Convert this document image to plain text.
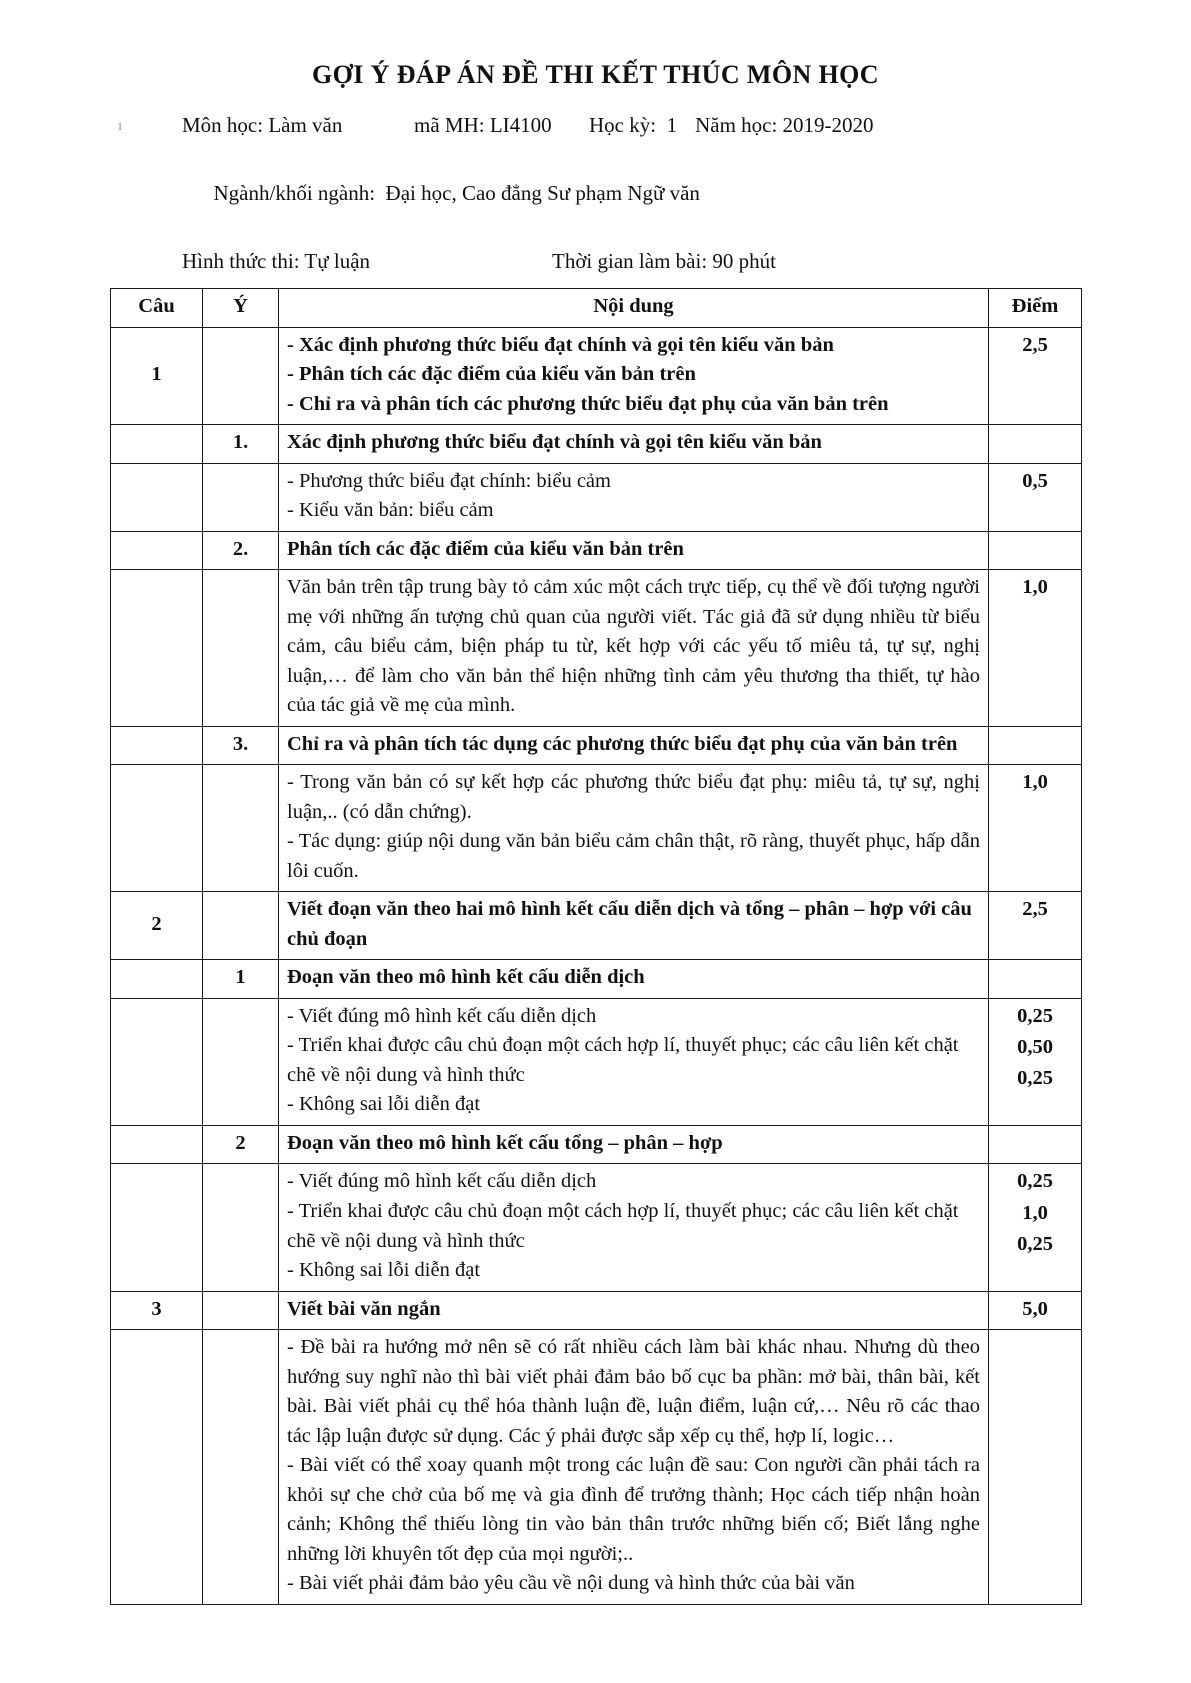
ı
GỢI Ý ĐÁP ÁN ĐỀ THI KẾT THÚC MÔN HỌC
Môn học: Làm văn	mã MH: LI4100	Học kỳ:  1 Năm học: 2019-2020

Ngành/khối ngành:  Đại học, Cao đẳng Sư phạm Ngữ văn

Hình thức thi: Tự luận	Thời gian làm bài: 90 phút
Câu	Ý	Nội dung	Điểm
1		- Xác định phương thức biểu đạt chính và gọi tên kiểu văn bản
- Phân tích các đặc điểm của kiểu văn bản trên
- Chỉ ra và phân tích các phương thức biểu đạt phụ của văn bản trên	2,5
	1.	Xác định phương thức biểu đạt chính và gọi tên kiểu văn bản	

		- Phương thức biểu đạt chính: biểu cảm
- Kiểu văn bản: biểu cảm	0,5
	2.	Phân tích các đặc điểm của kiểu văn bản trên	

		Văn bản trên tập trung bày tỏ cảm xúc một cách trực tiếp, cụ thể về đối tượng người mẹ với những ấn tượng chủ quan của người viết. Tác giả đã sử dụng nhiều từ biểu cảm, câu biểu cảm, biện pháp tu từ, kết hợp với các yếu tố miêu tả, tự sự, nghị luận,… để làm cho văn bản thể hiện những tình cảm yêu thương tha thiết, tự hào của tác giả về mẹ của mình.	1,0
	3.	Chỉ ra và phân tích tác dụng các phương thức biểu đạt phụ của văn bản trên	

		- Trong văn bản có sự kết hợp các phương thức biểu đạt phụ: miêu tả, tự sự, nghị luận,.. (có dẫn chứng).
- Tác dụng: giúp nội dung văn bản biểu cảm chân thật, rõ ràng, thuyết phục, hấp dẫn lôi cuốn.	1,0
2		Viết đoạn văn theo hai mô hình kết cấu diễn dịch và tổng – phân – hợp với câu chủ đoạn	2,5
	1	Đoạn văn theo mô hình kết cấu diễn dịch	

		- Viết đúng mô hình kết cấu diễn dịch
- Triển khai được câu chủ đoạn một cách hợp lí, thuyết phục; các câu liên kết chặt chẽ về nội dung và hình thức
- Không sai lỗi diễn đạt	0,25
0,50
0,25

	2	Đoạn văn theo mô hình kết cấu tổng – phân – hợp	

		- Viết đúng mô hình kết cấu diễn dịch
- Triển khai được câu chủ đoạn một cách hợp lí, thuyết phục; các câu liên kết chặt chẽ về nội dung và hình thức
- Không sai lỗi diễn đạt	0,25
1,0
0,25

3		Viết bài văn ngắn	5,0

		- Đề bài ra hướng mở nên sẽ có rất nhiều cách làm bài khác nhau. Nhưng dù theo hướng suy nghĩ nào thì bài viết phải đảm bảo bố cục ba phần: mở bài, thân bài, kết bài. Bài viết phải cụ thể hóa thành luận đề, luận điểm, luận cứ,… Nêu rõ các thao tác lập luận được sử dụng. Các ý phải được sắp xếp cụ thể, hợp lí, logic…
- Bài viết có thể xoay quanh một trong các luận đề sau: Con người cần phải tách ra khỏi sự che chở của bố mẹ và gia đình để trưởng thành; Học cách tiếp nhận hoàn cảnh; Không thể thiếu lòng tin vào bản thân trước những biến cố; Biết lắng nghe những lời khuyên tốt đẹp của mọi người;..
- Bài viết phải đảm bảo yêu cầu về nội dung và hình thức của bài văn	
